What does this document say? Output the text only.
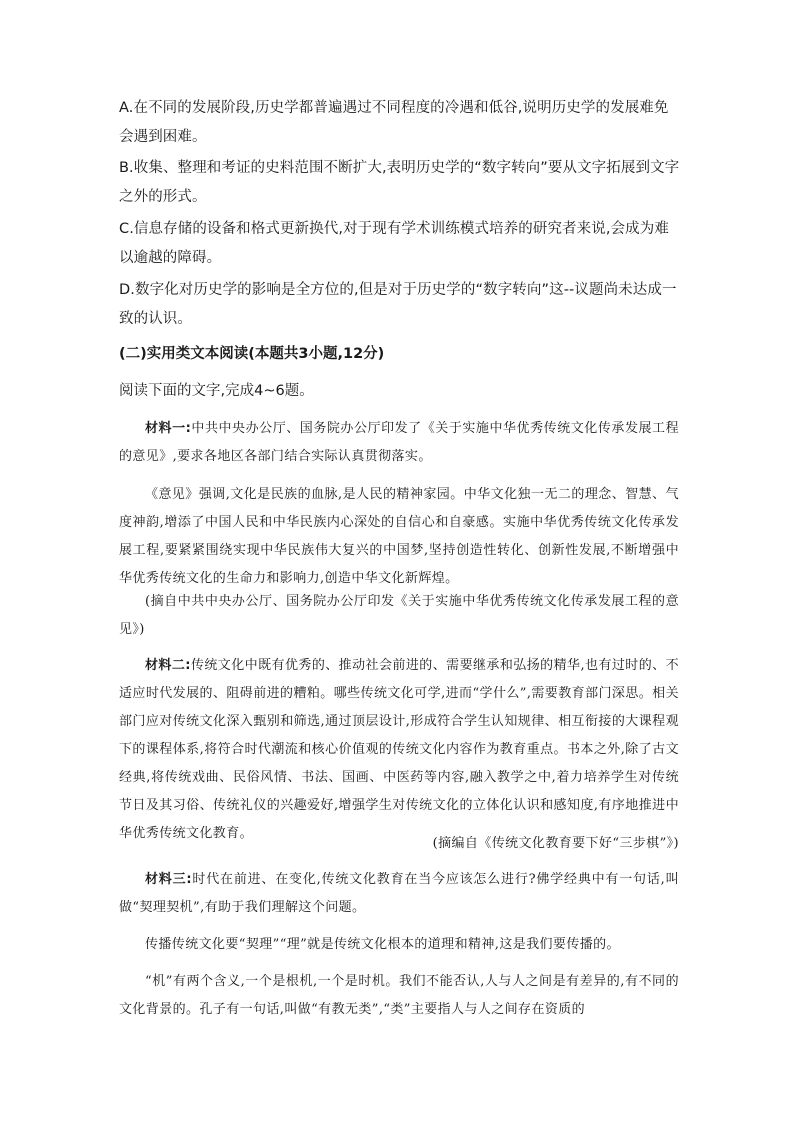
A.在不同的发展阶段,历史学都普遍遇过不同程度的冷遇和低谷,说明历史学的发展难免会遇到困难。
B.收集、整理和考证的史料范围不断扩大,表明历史学的“数字转向”要从文字拓展到文字之外的形式。
C.信息存储的设备和格式更新换代,对于现有学术训练模式培养的研究者来说,会成为难以逾越的障碍。
D.数字化对历史学的影响是全方位的,但是对于历史学的“数字转向”这--议题尚未达成一致的认识。
(二)实用类文本阅读(本题共3小题,12分)
阅读下面的文字,完成4~6题。
材料一:中共中央办公厅、国务院办公厅印发了《关于实施中华优秀传统文化传承发展工程的意见》,要求各地区各部门结合实际认真贯彻落实。
《意见》强调,文化是民族的血脉,是人民的精神家园。中华文化独一无二的理念、智慧、气度神韵,增添了中国人民和中华民族内心深处的自信心和自豪感。实施中华优秀传统文化传承发展工程,要紧紧围绕实现中华民族伟大复兴的中国梦,坚持创造性转化、创新性发展,不断增强中华优秀传统文化的生命力和影响力,创造中华文化新辉煌。
(摘自中共中央办公厅、国务院办公厅印发《关于实施中华优秀传统文化传承发展工程的意见》)
材料二:传统文化中既有优秀的、推动社会前进的、需要继承和弘扬的精华,也有过时的、不适应时代发展的、阻碍前进的糟粕。哪些传统文化可学,进而“学什么”,需要教育部门深思。相关部门应对传统文化深入甄别和筛选,通过顶层设计,形成符合学生认知规律、相互衔接的大课程观下的课程体系,将符合时代潮流和核心价值观的传统文化内容作为教育重点。书本之外,除了古文经典,将传统戏曲、民俗风情、书法、国画、中医药等内容,融入教学之中,着力培养学生对传统节日及其习俗、传统礼仪的兴趣爱好,增强学生对传统文化的立体化认识和感知度,有序地推进中华优秀传统文化教育。
(摘编自《传统文化教育要下好“三步棋”》)
材料三:时代在前进、在变化,传统文化教育在当今应该怎么进行?佛学经典中有一句话,叫做“契理契机”,有助于我们理解这个问题。
传播传统文化要“契理”“理”就是传统文化根本的道理和精神,这是我们要传播的。
“机”有两个含义,一个是根机,一个是时机。我们不能否认,人与人之间是有差异的,有不同的文化背景的。孔子有一句话,叫做“有教无类”,“类”主要指人与人之间存在资质的
